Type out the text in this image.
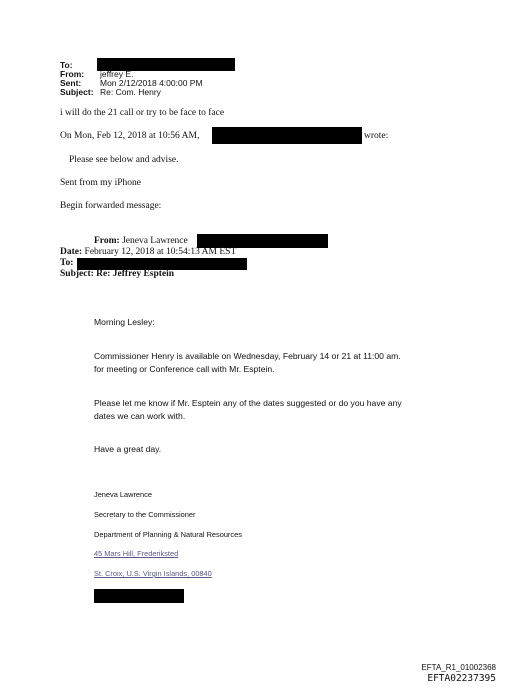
To:
From: jeffrey E.
Sent: Mon 2/12/2018 4:00:00 PM
Subject: Re: Com. Henry
i will do the 21 call or try to be face to face
On Mon, Feb 12, 2018 at 10:56 AM,	wrote:
Please see below and advise.
Sent from my iPhone
Begin forwarded message:
From: Jeneva Lawrence
Date: February 12, 2018 at 10:54:13 AM EST
To:
Subject: Re: Jeffrey Esptein
Morning Lesley:
Commissioner Henry is available on Wednesday, February 14 or 21 at 11:00 am.
for meeting or Conference call with Mr. Esptein.
Please let me know if Mr. Esptein any of the dates suggested or do you have any
dates we can work with.
Have a great day.
Jeneva Lawrence
Secretary to the Commissioner
Department of Planning & Natural Resources
45 Mars Hill, Frederiksted
St. Croix, U.S. Virgin Islands, 00840
EFTA_R1_01002368
EFTA02237395
